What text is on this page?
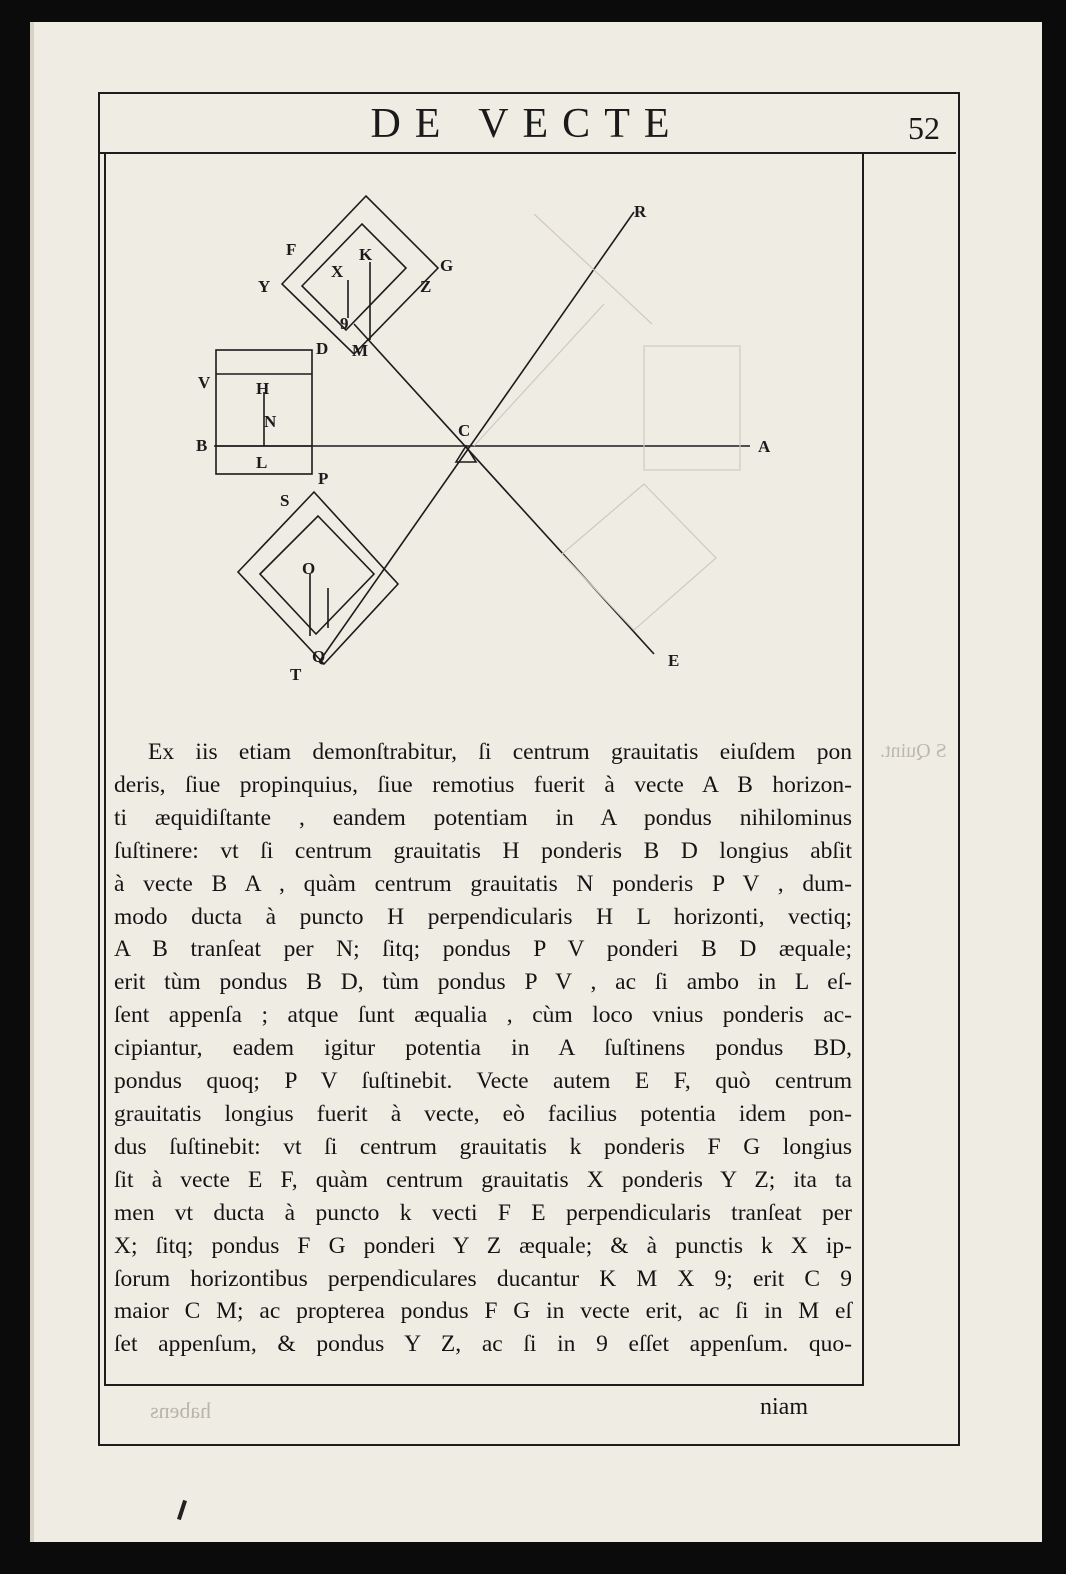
DE VECTE	52
R
F	K
X	G
Y	Z
9
D M
V	H
N
B
L
P
C
A
S
O
Q
T
E
Ex iis etiam demonſtrabitur, ſi centrum grauitatis eiuſdem pon
deris, ſiue propinquius, ſiue remotius fuerit à vecte A B horizon-
ti æquidiſtante , eandem potentiam in A pondus nihilominus
ſuſtinere: vt ſi centrum grauitatis H ponderis B D longius abſit
à vecte B A , quàm centrum grauitatis N ponderis P V , dum-
modo ducta à puncto H perpendicularis H L horizonti, vectiq;
A B tranſeat per N; ſitq; pondus P V ponderi B D æquale;
erit tùm pondus B D, tùm pondus P V , ac ſi ambo in L eſ-
ſent appenſa ; atque ſunt æqualia , cùm loco vnius ponderis ac-
cipiantur, eadem igitur potentia in A ſuſtinens pondus BD,
pondus quoq; P V ſuſtinebit. Vecte autem E F, quò centrum
grauitatis longius fuerit à vecte, eò facilius potentia idem pon-
dus ſuſtinebit: vt ſi centrum grauitatis k ponderis F G longius
ſit à vecte E F, quàm centrum grauitatis X ponderis Y Z; ita ta
men vt ducta à puncto k vecti F E perpendicularis tranſeat per
X; ſitq; pondus F G ponderi Y Z æquale; & à punctis k X ip-
ſorum horizontibus perpendiculares ducantur K M X 9; erit C 9
maior C M; ac propterea pondus F G in vecte erit, ac ſi in M eſ
ſet appenſum, & pondus Y Z, ac ſi in 9 eſſet appenſum. quo-
habens
S Quint.
niam
